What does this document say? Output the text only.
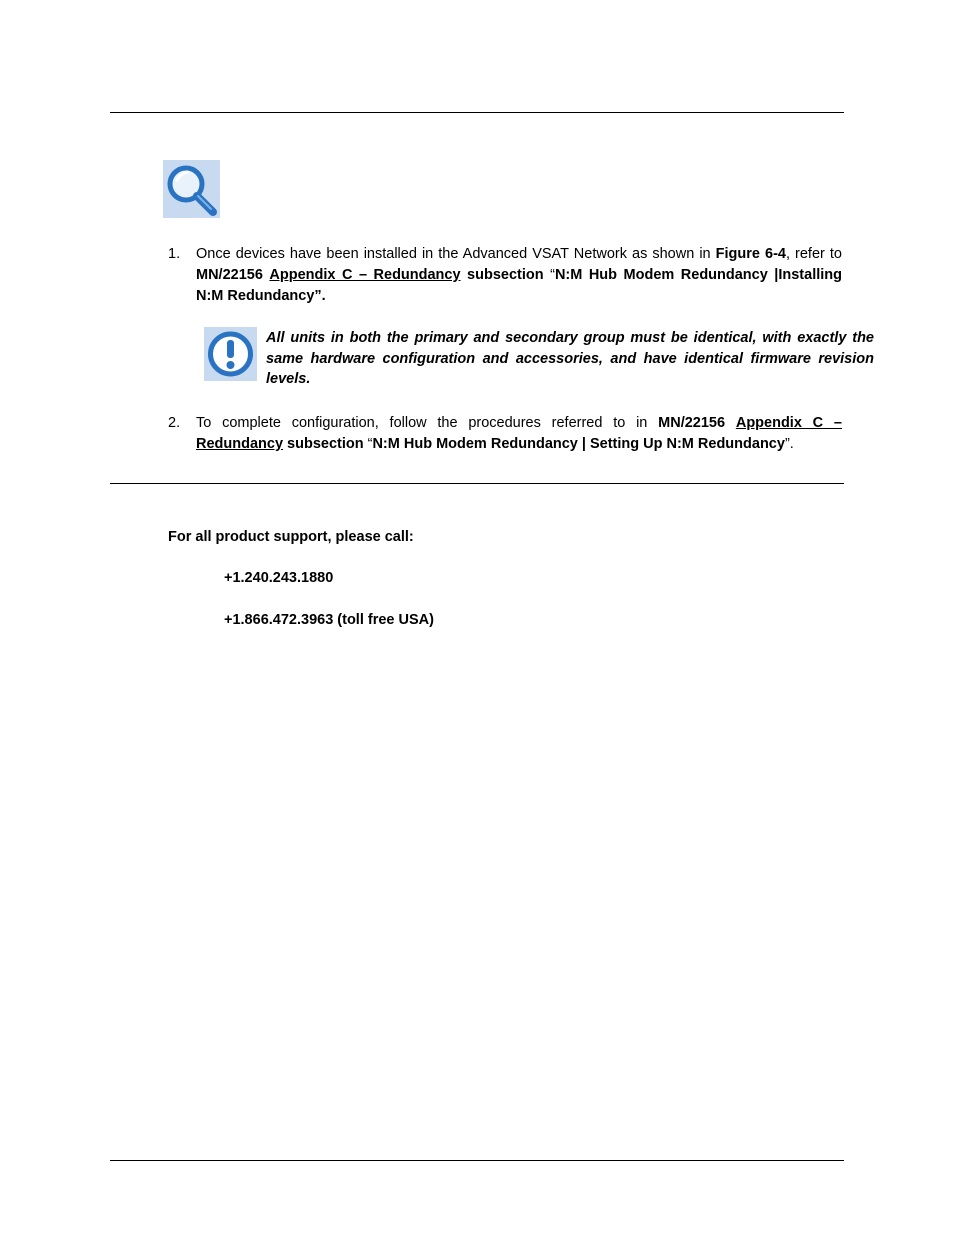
1. Once devices have been installed in the Advanced VSAT Network as shown in Figure 6-4, refer to MN/22156 Appendix C – Redundancy subsection “N:M Hub Modem Redundancy |Installing N:M Redundancy”.
All units in both the primary and secondary group must be identical, with exactly the same hardware configuration and accessories, and have identical firmware revision levels.
2. To complete configuration, follow the procedures referred to in MN/22156 Appendix C – Redundancy subsection “N:M Hub Modem Redundancy | Setting Up N:M Redundancy”.
For all product support, please call:
+1.240.243.1880
+1.866.472.3963 (toll free USA)
